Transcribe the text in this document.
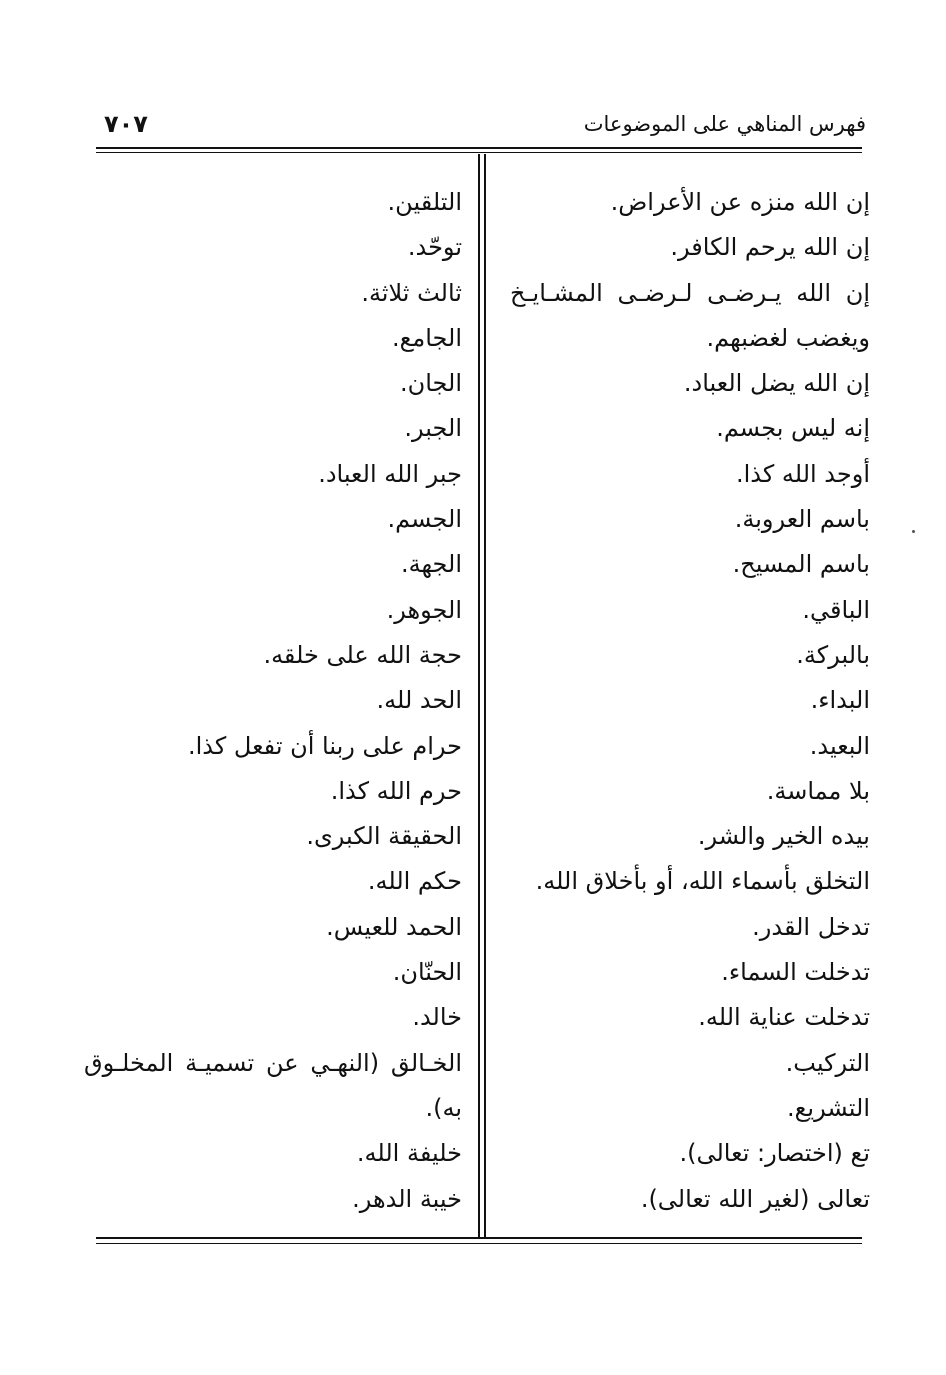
فهرس المناهي على الموضوعات
٧٠٧
إن الله منزه عن الأعراض.
إن الله يرحم الكافر.
إن الله يـرضـى لـرضـى المشـايـخ
ويغضب لغضبهم.
إن الله يضل العباد.
إنه ليس بجسم.
أوجد الله كذا.
باسم العروبة.
باسم المسيح.
الباقي.
بالبركة.
البداء.
البعيد.
بلا مماسة.
بيده الخير والشر.
التخلق بأسماء الله، أو بأخلاق الله.
تدخل القدر.
تدخلت السماء.
تدخلت عناية الله.
التركيب.
التشريع.
تع (اختصار: تعالى).
تعالى (لغير الله تعالى).
التلقين.
توحّد.
ثالث ثلاثة.
الجامع.
الجان.
الجبر.
جبر الله العباد.
الجسم.
الجهة.
الجوهر.
حجة الله على خلقه.
الحد لله.
حرام على ربنا أن تفعل كذا.
حرم الله كذا.
الحقيقة الكبرى.
حكم الله.
الحمد للعيس.
الحنّان.
خالد.
الخـالق (النهـي عن تسميـة المخلـوق
به).
خليفة الله.
خيبة الدهر.
